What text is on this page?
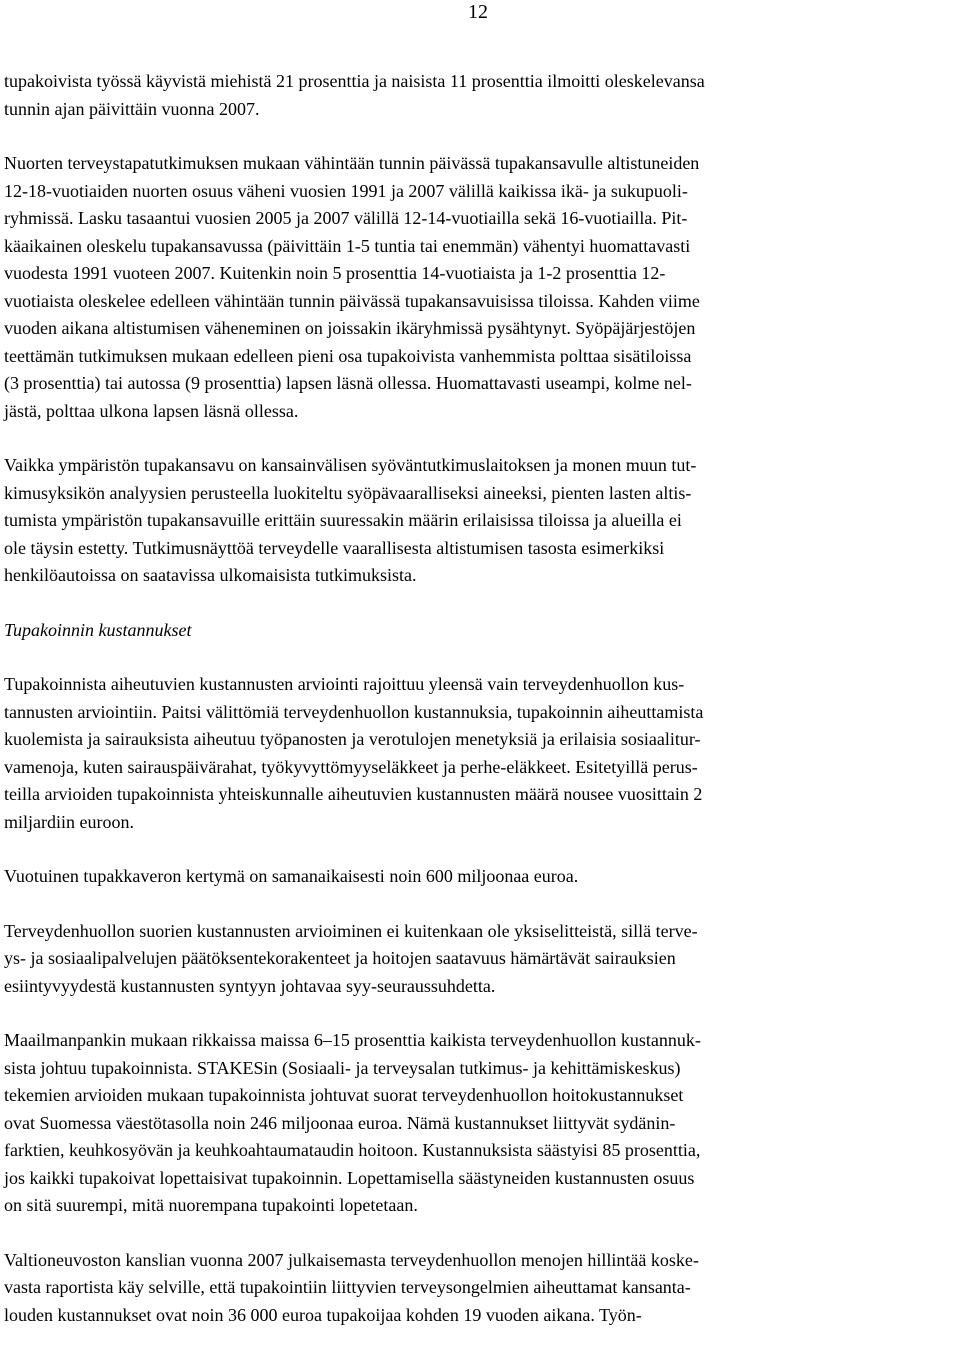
12
tupakoivista työssä käyvistä miehistä 21 prosenttia ja naisista 11 prosenttia ilmoitti oleskelevansa
tunnin ajan päivittäin vuonna 2007.
Nuorten terveystapatutkimuksen mukaan vähintään tunnin päivässä tupakansavulle altistuneiden
12-18-vuotiaiden nuorten osuus väheni vuosien 1991 ja 2007 välillä kaikissa ikä- ja sukupuoli-
ryhmissä. Lasku tasaantui vuosien 2005 ja 2007 välillä 12-14-vuotiailla sekä 16-vuotiailla. Pit-
käaikainen oleskelu tupakansavussa (päivittäin 1-5 tuntia tai enemmän) vähentyi huomattavasti
vuodesta 1991 vuoteen 2007. Kuitenkin noin 5 prosenttia 14-vuotiaista ja 1-2 prosenttia 12-
vuotiaista oleskelee edelleen vähintään tunnin päivässä tupakansavuisissa tiloissa. Kahden viime
vuoden aikana altistumisen väheneminen on joissakin ikäryhmissä pysähtynyt. Syöpäjärjestöjen
teettämän tutkimuksen mukaan edelleen pieni osa tupakoivista vanhemmista polttaa sisätiloissa
(3 prosenttia) tai autossa (9 prosenttia) lapsen läsnä ollessa. Huomattavasti useampi, kolme nel-
jästä, polttaa ulkona lapsen läsnä ollessa.
Vaikka ympäristön tupakansavu on kansainvälisen syöväntutkimuslaitoksen ja monen muun tut-
kimusyksikön analyysien perusteella luokiteltu syöpävaaralliseksi aineeksi, pienten lasten altis-
tumista ympäristön tupakansavuille erittäin suuressakin määrin erilaisissa tiloissa ja alueilla ei
ole täysin estetty. Tutkimusnäyttöä terveydelle vaarallisesta altistumisen tasosta esimerkiksi
henkilöautoissa on saatavissa ulkomaisista tutkimuksista.
Tupakoinnin kustannukset
Tupakoinnista aiheutuvien kustannusten arviointi rajoittuu yleensä vain terveydenhuollon kus-
tannusten arviointiin. Paitsi välittömiä terveydenhuollon kustannuksia, tupakoinnin aiheuttamista
kuolemista ja sairauksista aiheutuu työpanosten ja verotulojen menetyksiä ja erilaisia sosiaalitur-
vamenoja, kuten sairauspäivärahat, työkyvyttömyyseläkkeet ja perhe-eläkkeet. Esitetyillä perus-
teilla arvioiden tupakoinnista yhteiskunnalle aiheutuvien kustannusten määrä nousee vuosittain 2
miljardiin euroon.
Vuotuinen tupakkaveron kertymä on samanaikaisesti noin 600 miljoonaa euroa.
Terveydenhuollon suorien kustannusten arvioiminen ei kuitenkaan ole yksiselitteistä, sillä terve-
ys- ja sosiaalipalvelujen päätöksentekorakenteet ja hoitojen saatavuus hämärtävät sairauksien
esiintyvyydestä kustannusten syntyyn johtavaa syy-seuraussuhdetta.
Maailmanpankin mukaan rikkaissa maissa 6–15 prosenttia kaikista terveydenhuollon kustannuk-
sista johtuu tupakoinnista. STAKESin (Sosiaali- ja terveysalan tutkimus- ja kehittämiskeskus)
tekemien arvioiden mukaan tupakoinnista johtuvat suorat terveydenhuollon hoitokustannukset
ovat Suomessa väestötasolla noin 246 miljoonaa euroa. Nämä kustannukset liittyvät sydänin-
farktien, keuhkosyövän ja keuhkoahtaumataudin hoitoon. Kustannuksista säästyisi 85 prosenttia,
jos kaikki tupakoivat lopettaisivat tupakoinnin. Lopettamisella säästyneiden kustannusten osuus
on sitä suurempi, mitä nuorempana tupakointi lopetetaan.
Valtioneuvoston kanslian vuonna 2007 julkaisemasta terveydenhuollon menojen hillintää koske-
vasta raportista käy selville, että tupakointiin liittyvien terveysongelmien aiheuttamat kansanta-
louden kustannukset ovat noin 36 000 euroa tupakoijaa kohden 19 vuoden aikana. Työn-
